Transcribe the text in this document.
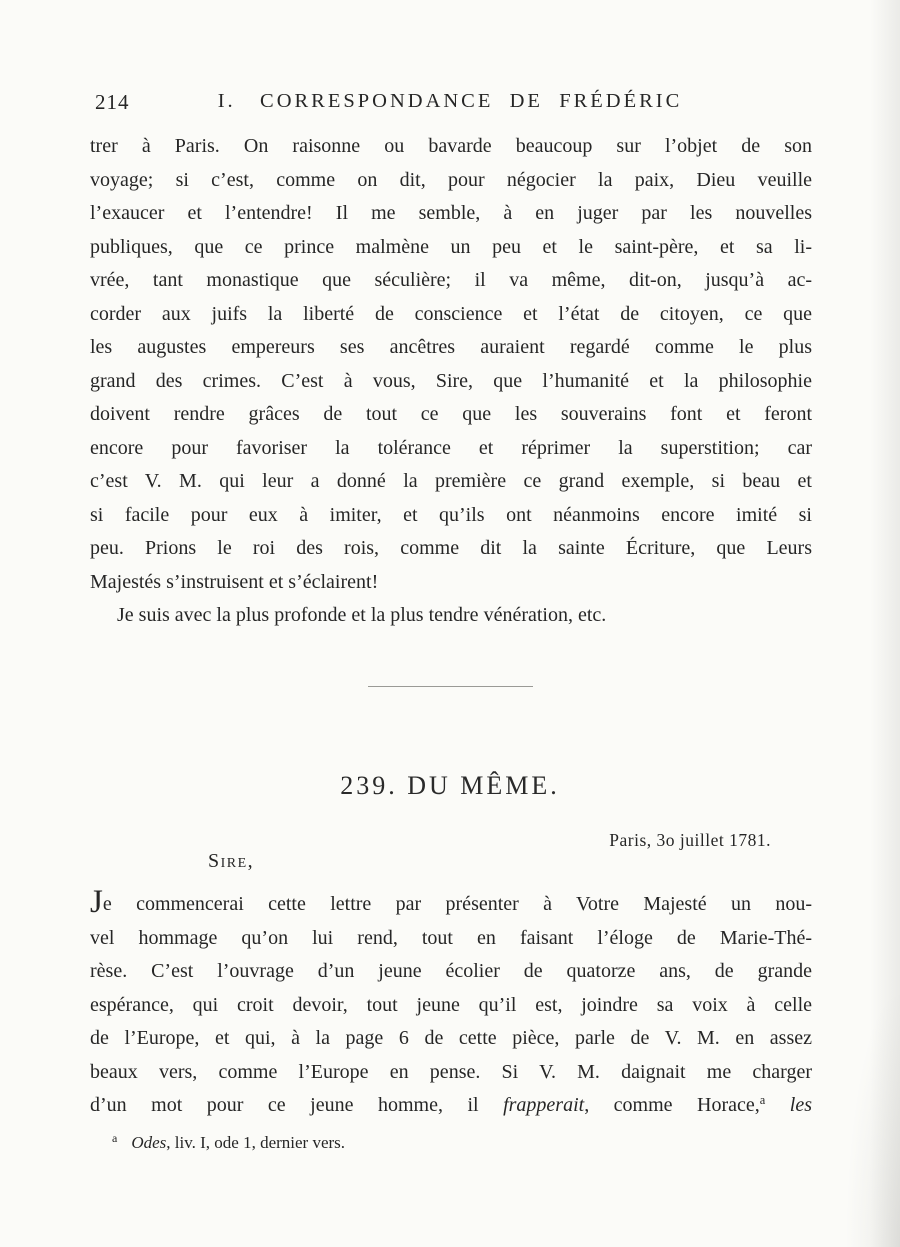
214	I.   CORRESPONDANCE  DE  FRÉDÉRIC
trer à Paris. On raisonne ou bavarde beaucoup sur l’objet de son
voyage; si c’est, comme on dit, pour négocier la paix, Dieu veuille
l’exaucer et l’entendre! Il me semble, à en juger par les nouvelles
publiques, que ce prince malmène un peu et le saint-père, et sa li-
vrée, tant monastique que séculière; il va même, dit-on, jusqu’à ac-
corder aux juifs la liberté de conscience et l’état de citoyen, ce que
les augustes empereurs ses ancêtres auraient regardé comme le plus
grand des crimes. C’est à vous, Sire, que l’humanité et la philosophie
doivent rendre grâces de tout ce que les souverains font et feront
encore pour favoriser la tolérance et réprimer la superstition; car
c’est V. M. qui leur a donné la première ce grand exemple, si beau et
si facile pour eux à imiter, et qu’ils ont néanmoins encore imité si
peu. Prions le roi des rois, comme dit la sainte Écriture, que Leurs
Majestés s’instruisent et s’éclairent!
Je suis avec la plus profonde et la plus tendre vénération, etc.
239. DU MÊME.
Paris, 3o juillet 1781.
Sire,
Je commencerai cette lettre par présenter à Votre Majesté un nou-
vel hommage qu’on lui rend, tout en faisant l’éloge de Marie-Thé-
rèse. C’est l’ouvrage d’un jeune écolier de quatorze ans, de grande
espérance, qui croit devoir, tout jeune qu’il est, joindre sa voix à celle
de l’Europe, et qui, à la page 6 de cette pièce, parle de V. M. en assez
beaux vers, comme l’Europe en pense. Si V. M. daignait me charger
d’un mot pour ce jeune homme, il frapperait, comme Horace,$^a$ les
$^a$ Odes, liv. I, ode 1, dernier vers.
